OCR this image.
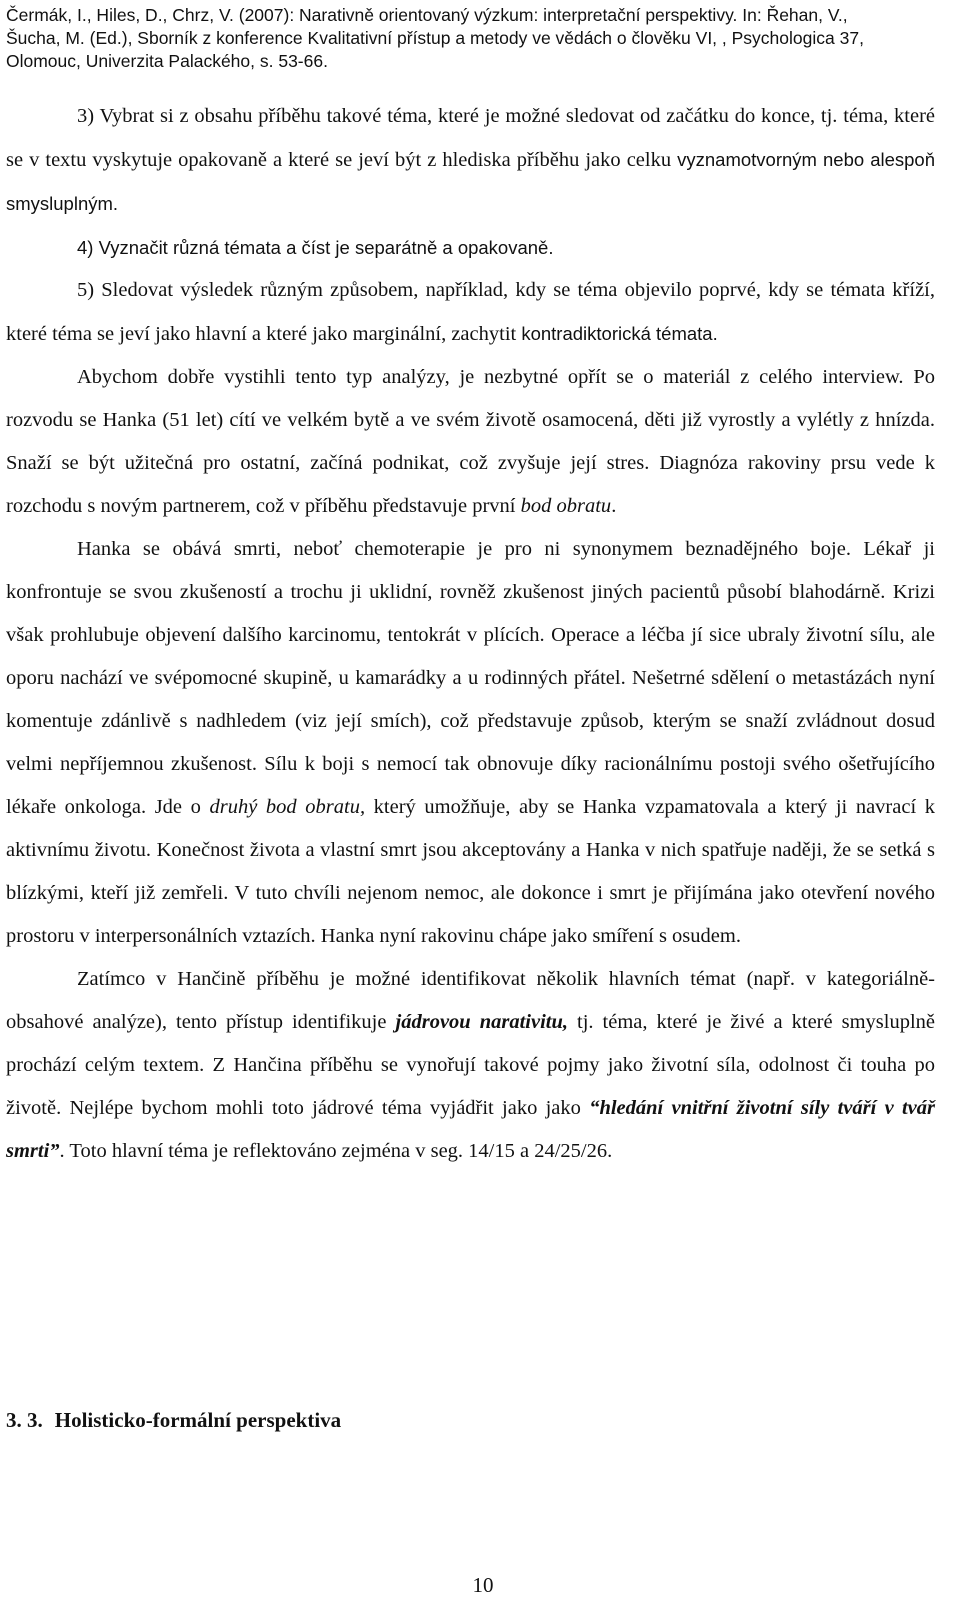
Čermák, I., Hiles, D., Chrz, V. (2007): Narativně orientovaný výzkum: interpretační perspektivy. In: Řehan, V.,
Šucha, M. (Ed.), Sborník z konference Kvalitativní přístup a metody ve vědách o člověku VI, , Psychologica 37,
Olomouc, Univerzita Palackého, s. 53-66.

3) Vybrat si z obsahu příběhu takové téma, které je možné sledovat od začátku do konce, tj. téma, které se v textu vyskytuje opakovaně a které se jeví být z hlediska příběhu jako celku vyznamotvorným nebo alespoň smysluplným.

4) Vyznačit různá témata a číst je separátně a opakovaně.

5) Sledovat výsledek různým způsobem, například, kdy se téma objevilo poprvé, kdy se témata kříží, které téma se jeví jako hlavní a které jako marginální, zachytit kontradiktorická témata.

Abychom dobře vystihli tento typ analýzy, je nezbytné opřít se o materiál z celého interview. Po rozvodu se Hanka (51 let) cítí ve velkém bytě a ve svém životě osamocená, děti již vyrostly a vylétly z hnízda. Snaží se být užitečná pro ostatní, začíná podnikat, což zvyšuje její stres. Diagnóza rakoviny prsu vede k rozchodu s novým partnerem, což v příběhu představuje první bod obratu.

Hanka se obává smrti, neboť chemoterapie je pro ni synonymem beznadějného boje. Lékař ji konfrontuje se svou zkušeností a trochu ji uklidní, rovněž zkušenost jiných pacientů působí blahodárně. Krizi však prohlubuje objevení dalšího karcinomu, tentokrát v plících. Operace a léčba jí sice ubraly životní sílu, ale oporu nachází ve svépomocné skupině, u kamarádky a u rodinných přátel. Nešetrné sdělení o metastázách nyní komentuje zdánlivě s nadhledem (viz její smích), což představuje způsob, kterým se snaží zvládnout dosud velmi nepříjemnou zkušenost. Sílu k boji s nemocí tak obnovuje díky racionálnímu postoji svého ošetřujícího lékaře onkologa. Jde o druhý bod obratu, který umožňuje, aby se Hanka vzpamatovala a který ji navrací k aktivnímu životu. Konečnost života a vlastní smrt jsou akceptovány a Hanka v nich spatřuje naději, že se setká s blízkými, kteří již zemřeli. V tuto chvíli nejenom nemoc, ale dokonce i smrt je přijímána jako otevření nového prostoru v interpersonálních vztazích. Hanka nyní rakovinu chápe jako smíření s osudem.

Zatímco v Hančině příběhu je možné identifikovat několik hlavních témat (např. v kategoriálně-obsahové analýze), tento přístup identifikuje jádrovou narativitu, tj. téma, které je živé a které smysluplně prochází celým textem. Z Hančina příběhu se vynořují takové pojmy jako životní síla, odolnost či touha po životě. Nejlépe bychom mohli toto jádrové téma vyjádřit jako jako “hledání vnitřní životní síly tváří v tvář smrti”. Toto hlavní téma je reflektováno zejména v seg. 14/15 a 24/25/26.

3. 3. Holisticko-formální perspektiva
10
